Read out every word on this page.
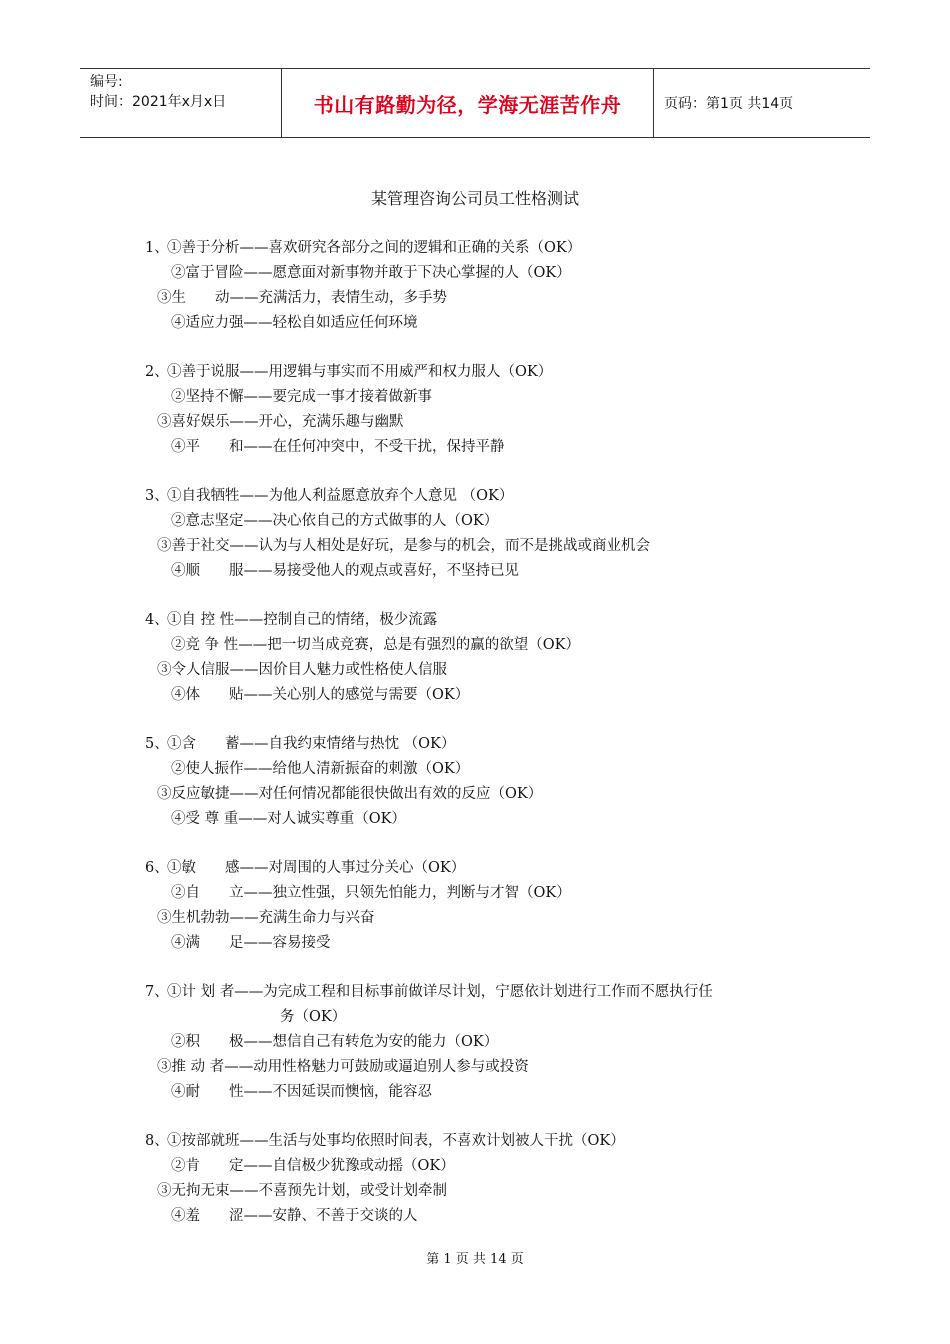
编号:
时间：2021年x月x日	书山有路勤为径，学海无涯苦作舟	页码：第1页 共14页
某管理咨询公司员工性格测试
1、
①善于分析——喜欢研究各部分之间的逻辑和正确的关系（OK）
②富于冒险——愿意面对新事物并敢于下决心掌握的人（OK）
③生　　动——充满活力，表情生动，多手势
④适应力强——轻松自如适应任何环境
2、
①善于说服——用逻辑与事实而不用威严和权力服人（OK）
②坚持不懈——要完成一事才接着做新事
③喜好娱乐——开心，充满乐趣与幽默
④平　　和——在任何冲突中，不受干扰，保持平静
3、
①自我牺牲——为他人利益愿意放弃个人意见 （OK）
②意志坚定——决心依自己的方式做事的人（OK）
③善于社交——认为与人相处是好玩，是参与的机会，而不是挑战或商业机会
④顺　　服——易接受他人的观点或喜好，不坚持已见
4、
①自 控 性——控制自己的情绪，极少流露
②竞 争 性——把一切当成竞赛，总是有强烈的赢的欲望（OK）
③令人信服——因价目人魅力或性格使人信服
④体　　贴——关心别人的感觉与需要（OK）
5、
①含　　蓄——自我约束情绪与热忱 （OK）
②使人振作——给他人清新振奋的刺激（OK）
③反应敏捷——对任何情况都能很快做出有效的反应（OK）
④受 尊 重——对人诚实尊重（OK）
6、
①敏　　感——对周围的人事过分关心（OK）
②自　　立——独立性强，只领先怕能力，判断与才智（OK）
③生机勃勃——充满生命力与兴奋
④满　　足——容易接受
7、
①计 划 者——为完成工程和目标事前做详尽计划，宁愿依计划进行工作而不愿执行任
务（OK）
②积　　极——想信自己有转危为安的能力（OK）
③推 动 者——动用性格魅力可鼓励或逼迫别人参与或投资
④耐　　性——不因延误而懊恼，能容忍
8、
①按部就班——生活与处事均依照时间表，不喜欢计划被人干扰（OK）
②肯　　定——自信极少犹豫或动摇（OK）
③无拘无束——不喜预先计划，或受计划牵制
④羞　　涩——安静、不善于交谈的人
第 1 页 共 14 页
